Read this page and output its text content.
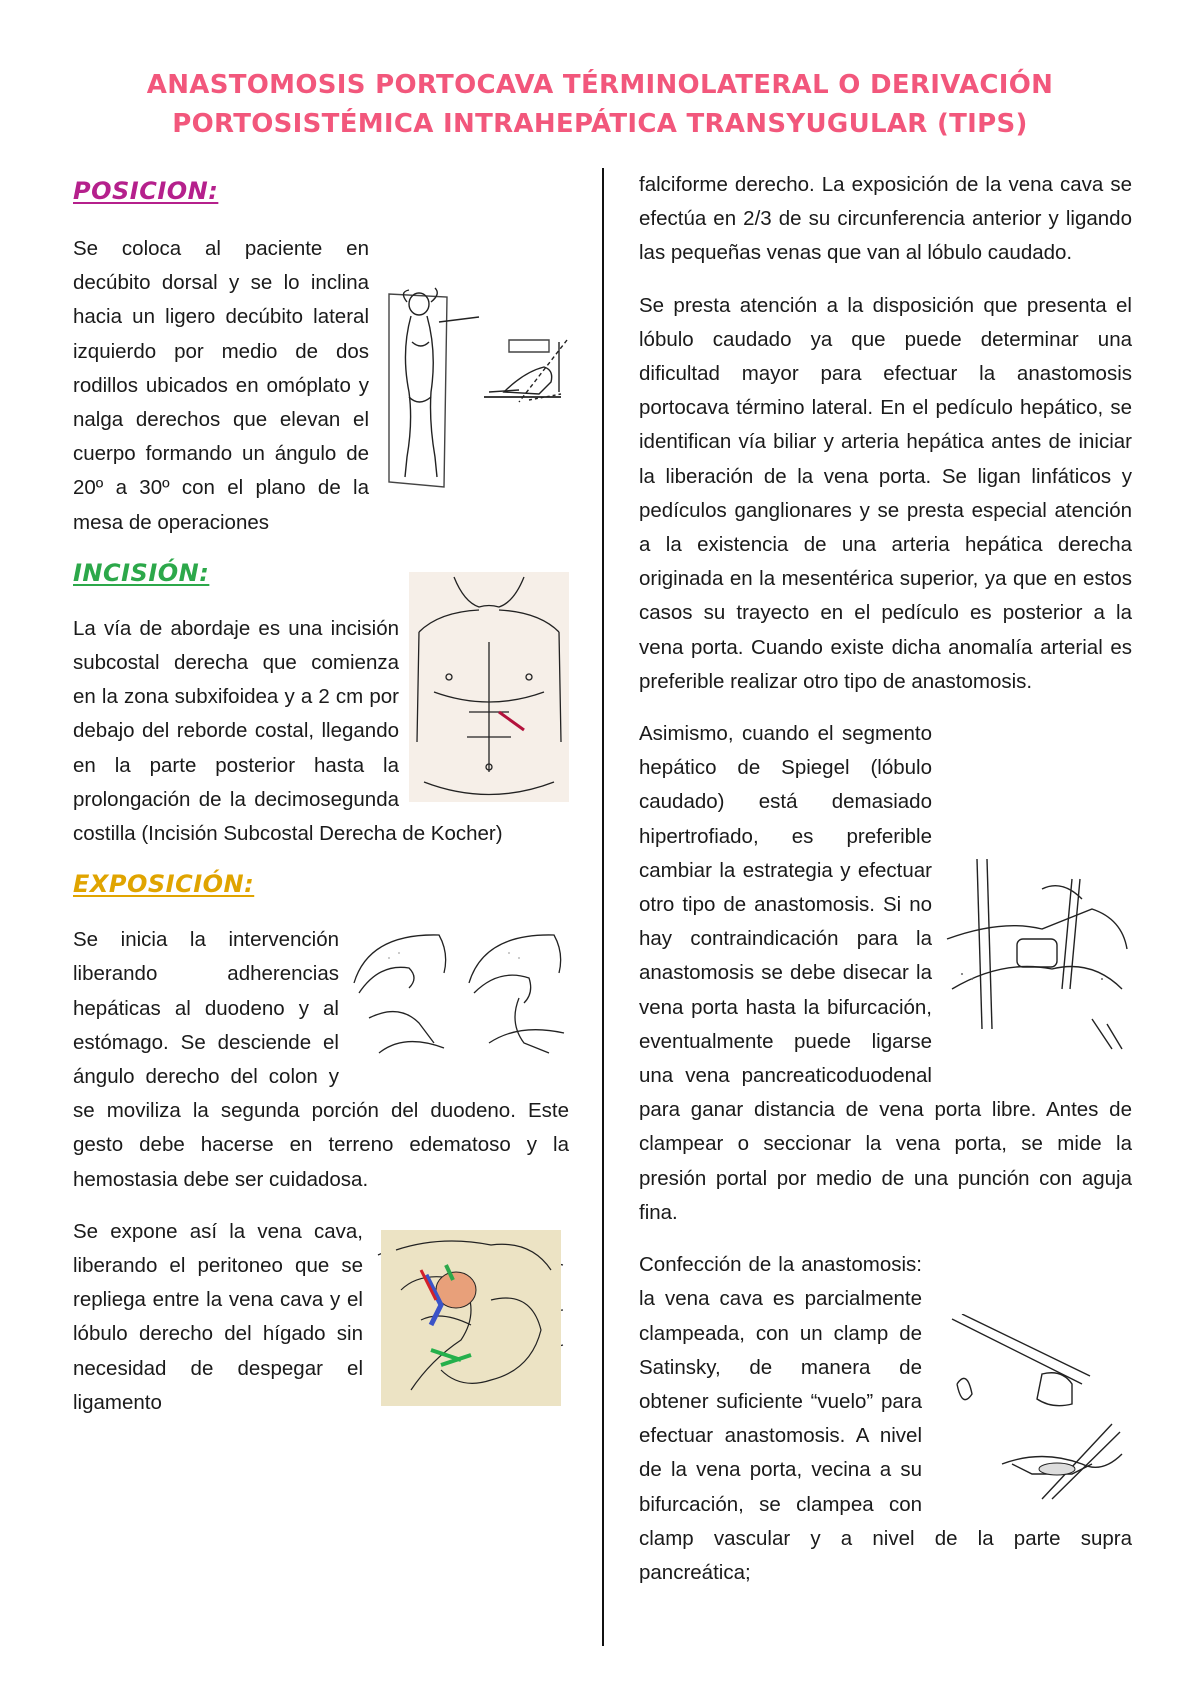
ANASTOMOSIS PORTOCAVA TÉRMINOLATERAL O DERIVACIÓN
PORTOSISTÉMICA INTRAHEPÁTICA TRANSYUGULAR (TIPS)
POSICION:

Se coloca al paciente en decúbito dorsal y se lo inclina hacia un ligero decúbito lateral izquierdo por medio de dos rodillos ubicados en omóplato y nalga derechos que elevan el cuerpo formando un ángulo de 20º a 30º con el plano de la mesa de operaciones

INCISIÓN:

La vía de abordaje es una incisión subcostal derecha que comienza en la zona subxifoidea y a 2 cm por debajo del reborde costal, llegando en la parte posterior hasta la prolongación de la decimosegunda costilla (Incisión Subcostal Derecha de Kocher)

EXPOSICIÓN:

Se inicia la intervención liberando adherencias hepáticas al duodeno y al estómago. Se desciende el ángulo derecho del colon y se moviliza la segunda porción del duodeno. Este gesto debe hacerse en terreno edematoso y la hemostasia debe ser cuidadosa.

Se expone así la vena cava, liberando el peritoneo que se repliega entre la vena cava y el lóbulo derecho del hígado sin necesidad de despegar el ligamento

falciforme derecho. La exposición de la vena cava se efectúa en 2/3 de su circunferencia anterior y ligando las pequeñas venas que van al lóbulo caudado.

Se presta atención a la disposición que presenta el lóbulo caudado ya que puede determinar una dificultad mayor para efectuar la anastomosis portocava término lateral. En el pedículo hepático, se identifican vía biliar y arteria hepática antes de iniciar la liberación de la vena porta. Se ligan linfáticos y pedículos ganglionares y se presta especial atención a la existencia de una arteria hepática derecha originada en la mesentérica superior, ya que en estos casos su trayecto en el pedículo es posterior a la vena porta. Cuando existe dicha anomalía arterial es preferible realizar otro tipo de anastomosis.

Asimismo, cuando el segmento hepático de Spiegel (lóbulo caudado) está demasiado hipertrofiado, es preferible cambiar la estrategia y efectuar otro tipo de anastomosis. Si no hay contraindicación para la anastomosis se debe disecar la vena porta hasta la bifurcación, eventualmente puede ligarse una vena pancreaticoduodenal para ganar distancia de vena porta libre. Antes de clampear o seccionar la vena porta, se mide la presión portal por medio de una punción con aguja fina.

Confección de la anastomosis: la vena cava es parcialmente clampeada, con un clamp de Satinsky, de manera de obtener suficiente “vuelo” para efectuar anastomosis. A nivel de la vena porta, vecina a su bifurcación, se clampea con clamp vascular y a nivel de la parte supra pancreática;
